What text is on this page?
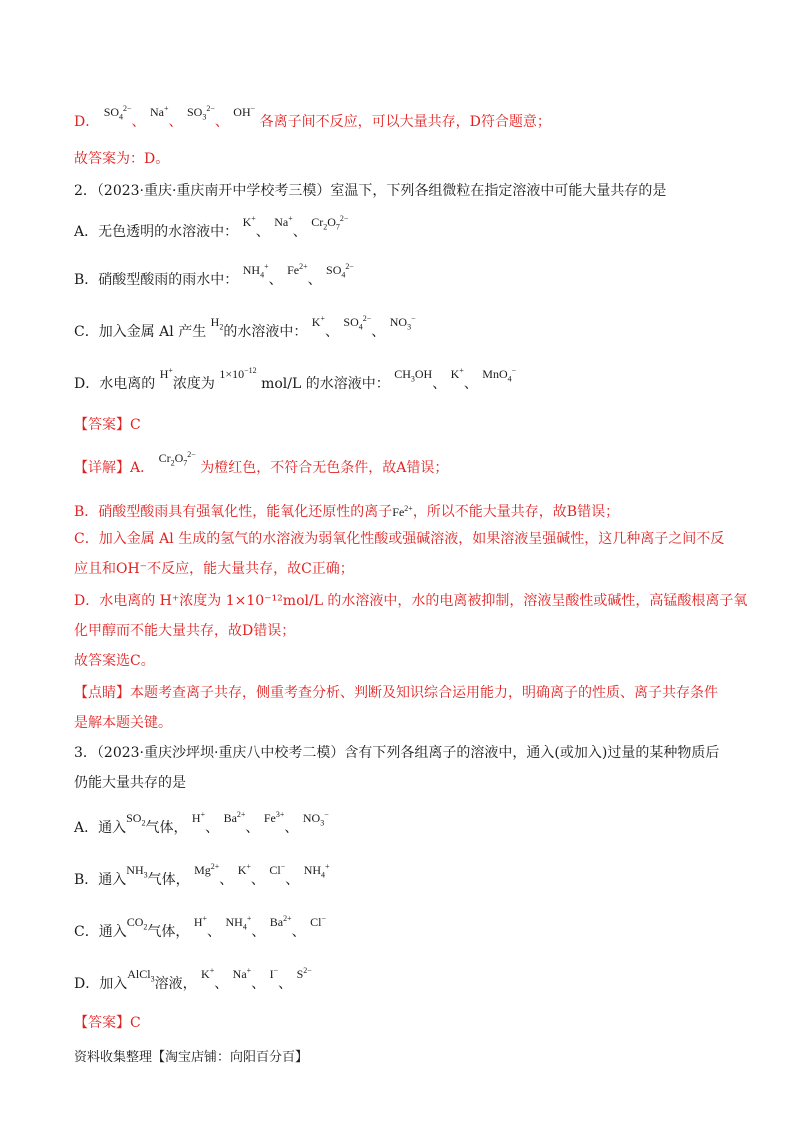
D． $SO_4^{2-}$、 Na+、 $SO_3^{2-}$、 OH− 各离子间不反应，可以大量共存，D符合题意；
故答案为：D。
2．（2023·重庆·重庆南开中学校考三模）室温下，下列各组微粒在指定溶液中可能大量共存的是
A．无色透明的水溶液中： K+、 Na+、 $Cr_2O_7^{2-}$
B．硝酸型酸雨的雨水中： $NH_4^+$、 $Fe^{2+}$、 $SO_4^{2-}$
C．加入金属 Al 产生 $H_2$的水溶液中： K+、 $SO_4^{2-}$、 $NO_3^-$
D．水电离的 H+浓度为 $1\times 10^{-12}$ mol/L 的水溶液中： $CH_3OH$、 K+、 MnO$_4$−
【答案】C
【详解】A． $Cr_2O_7^{2-}$ 为橙红色，不符合无色条件，故A错误；
B．硝酸型酸雨具有强氧化性，能氧化还原性的离子$Fe^{2+}$，所以不能大量共存，故B错误；
C．加入金属 Al 生成的氢气的水溶液为弱氧化性酸或强碱溶液，如果溶液呈强碱性，这几种离子之间不反
应且和OH⁻不反应，能大量共存，故C正确；
D．水电离的 H⁺浓度为 1×10⁻¹²mol/L 的水溶液中，水的电离被抑制，溶液呈酸性或碱性，高锰酸根离子氧
化甲醇而不能大量共存，故D错误；
故答案选C。
【点睛】本题考查离子共存，侧重考查分析、判断及知识综合运用能力，明确离子的性质、离子共存条件
是解本题关键。
3．（2023·重庆沙坪坝·重庆八中校考二模）含有下列各组离子的溶液中，通入(或加入)过量的某种物质后
仍能大量共存的是
A．通入$SO_2$气体， H+、 $Ba^{2+}$、 $Fe^{3+}$、 $NO_3^-$
B．通入$NH_3$气体， $Mg^{2+}$、 K+、 Cl−、 $NH_4^+$
C．通入$CO_2$气体， H+、 $NH_4^+$、 $Ba^{2+}$、 Cl−
D．加入AlCl$_3$溶液， K+、 Na+、 I−、 $S^{2-}$
【答案】C
资料收集整理【淘宝店铺：向阳百分百】
